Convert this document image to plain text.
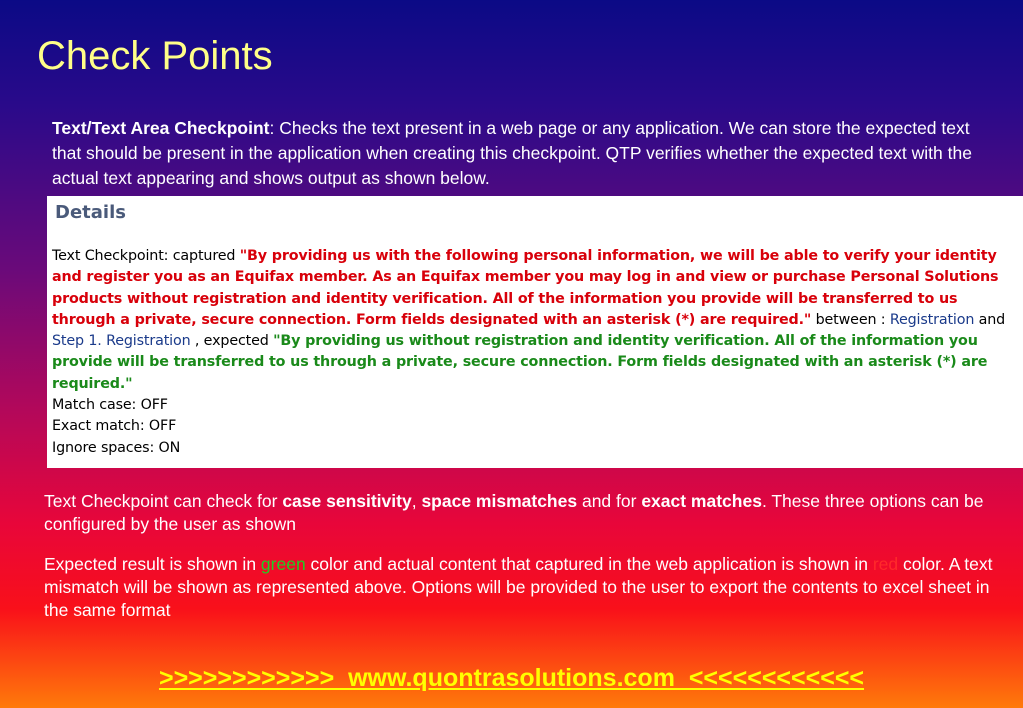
Check Points
Text/Text Area Checkpoint: Checks the text present in a web page or any application. We can store the expected text that should be present in the application when creating this checkpoint. QTP verifies whether the expected text with the actual text appearing and shows output as shown below.
Details
Text Checkpoint: captured "By providing us with the following personal information, we will be able to verify your identity and register you as an Equifax member. As an Equifax member you may log in and view or purchase Personal Solutions products without registration and identity verification. All of the information you provide will be transferred to us through a private, secure connection. Form fields designated with an asterisk (*) are required." between : Registration and Step 1. Registration , expected "By providing us without registration and identity verification. All of the information you provide will be transferred to us through a private, secure connection. Form fields designated with an asterisk (*) are required."
Match case: OFF
Exact match: OFF
Ignore spaces: ON
Text Checkpoint can check for case sensitivity, space mismatches and for exact matches. These three options can be configured by the user as shown
Expected result is shown in green color and actual content that captured in the web application is shown in red color. A text mismatch will be shown as represented above. Options will be provided to the user to export the contents to excel sheet in the same format
>>>>>>>>>>>>  www.quontrasolutions.com  <<<<<<<<<<<<
